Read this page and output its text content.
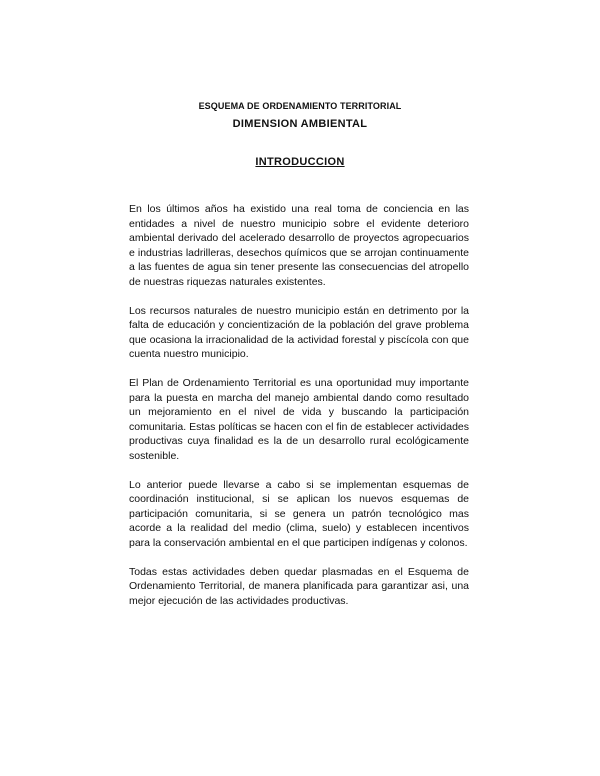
ESQUEMA DE ORDENAMIENTO TERRITORIAL
DIMENSION AMBIENTAL
INTRODUCCION

En los últimos años ha existido una real toma de conciencia en las entidades a nivel de nuestro municipio sobre el evidente deterioro ambiental derivado del acelerado desarrollo de proyectos agropecuarios e industrias ladrilleras, desechos químicos que se arrojan continuamente a las fuentes de agua sin tener presente las consecuencias del atropello de nuestras riquezas naturales existentes.

Los recursos naturales de nuestro municipio están en detrimento por la falta de educación y concientización de la población del grave problema que ocasiona la irracionalidad de la actividad forestal y piscícola con que cuenta nuestro municipio.

El Plan de Ordenamiento Territorial es una oportunidad muy importante para la puesta en marcha del manejo ambiental dando como resultado un mejoramiento en el nivel de vida y buscando la participación comunitaria. Estas políticas se hacen con el fin de establecer actividades productivas cuya finalidad es la de un desarrollo rural ecológicamente sostenible.

Lo anterior puede llevarse a cabo si se implementan esquemas de coordinación institucional, si se aplican los nuevos esquemas de participación comunitaria, si se genera un patrón tecnológico mas acorde a la realidad del medio (clima, suelo) y establecen incentivos para la conservación ambiental en el que participen indígenas y colonos.

Todas estas actividades deben quedar plasmadas en el Esquema de Ordenamiento Territorial, de manera planificada para garantizar asi, una mejor ejecución de las actividades productivas.
